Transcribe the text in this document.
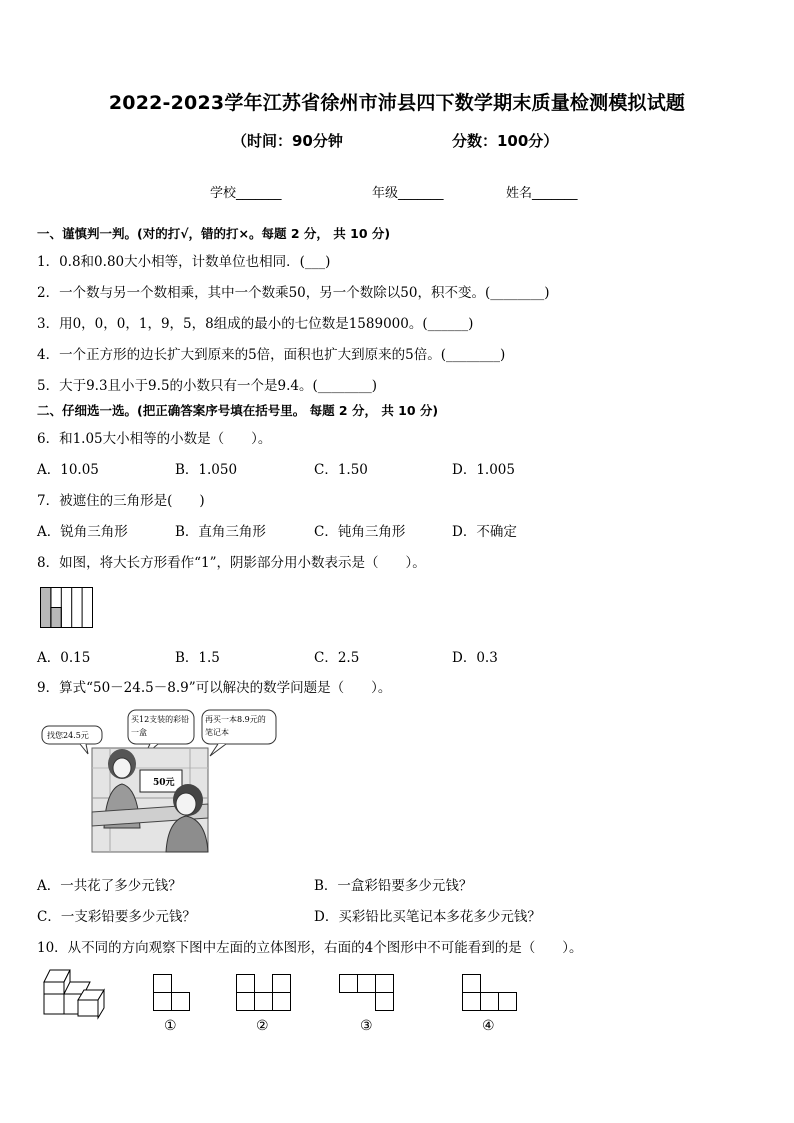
2022-2023学年江苏省徐州市沛县四下数学期末质量检测模拟试题
（时间：90分钟	分数：100分）
学校_______	年级_______	姓名_______
一、谨慎判一判。(对的打√，错的打×。每题 2 分， 共 10 分)
1．0.8和0.80大小相等，计数单位也相同．(___)
2．一个数与另一个数相乘，其中一个数乘50，另一个数除以50，积不变。(________)
3．用0，0，0，1，9，5，8组成的最小的七位数是1589000。(______)
4．一个正方形的边长扩大到原来的5倍，面积也扩大到原来的5倍。(________)
5．大于9.3且小于9.5的小数只有一个是9.4。(________)
二、仔细选一选。(把正确答案序号填在括号里。 每题 2 分， 共 10 分)
6．和1.05大小相等的小数是（　　）。
A．10.05	B．1.050	C．1.50	D．1.005
7．被遮住的三角形是(　　)
A．锐角三角形	B．直角三角形	C．钝角三角形	D．不确定
8．如图，将大长方形看作“1”，阴影部分用小数表示是（　　）。
A．0.15	B．1.5	C．2.5	D．0.3
9．算式“50－24.5－8.9”可以解决的数学问题是（　　）。
找您24.5元
买12支装的彩铅一盒
再买一本8.9元的笔记本
50元
A．一共花了多少元钱？	B．一盒彩铅要多少元钱？
C．一支彩铅要多少元钱？	D．买彩铅比买笔记本多花多少元钱？
10．从不同的方向观察下图中左面的立体图形，右面的4个图形中不可能看到的是（　　）。
①	②	③	④
